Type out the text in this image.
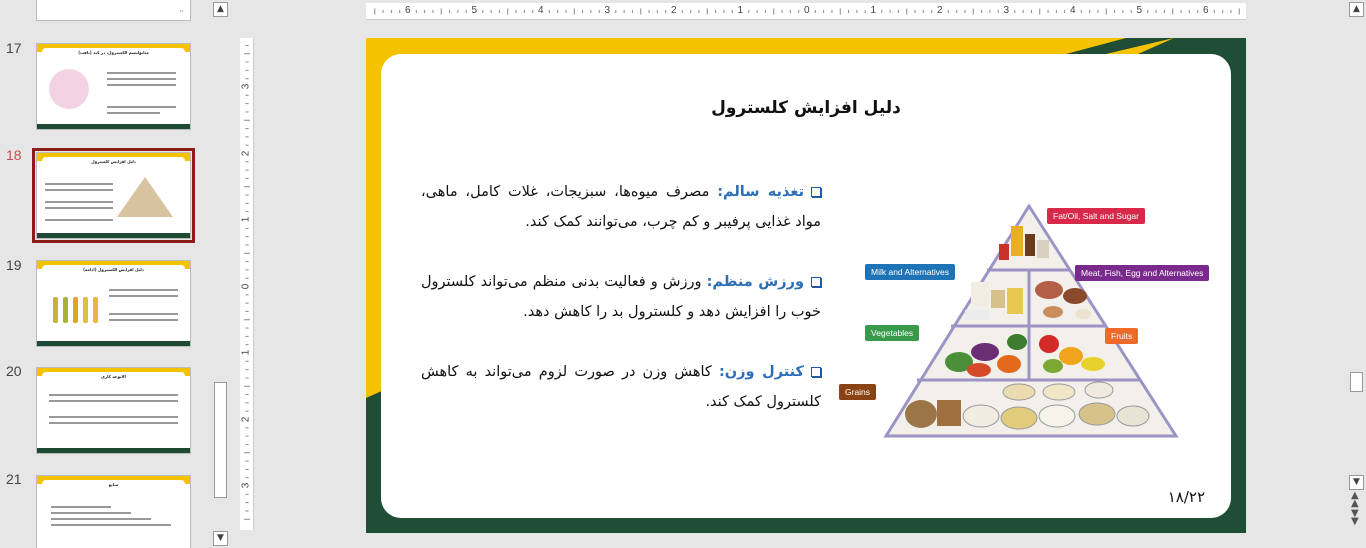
۱۶
17	متابولیسم الکسترول، در کبد (بافت)
18	دلیل افزایش کلسترول
19	دلیل افزایش الکسترول (ادامه)
20	الانوعه کاری
21	منابع
▲
▼
6	5	4	3	2	1	0	1	2	3	4	5	6
3
2
1
0
1
2
3
دلیل افزایش کلسترول
تغذیه سالم: مصرف میوه‌ها، سبزیجات، غلات کامل، ماهی، مواد غذایی پرفیبر و کم چرب، می‌توانند کمک کند.
ورزش منظم: ورزش و فعالیت بدنی منظم می‌تواند کلسترول خوب را افزایش دهد و کلسترول بد را کاهش دهد.
کنترل وزن: کاهش وزن در صورت لزوم می‌تواند به کاهش کلسترول کمک کند.
Fat/Oil, Salt and Sugar
Milk and Alternatives	Meat, Fish, Egg and Alternatives
Vegetables	Fruits
Grains
۱۸/۲۲
▲
▼
▲
▲
▼
▼
